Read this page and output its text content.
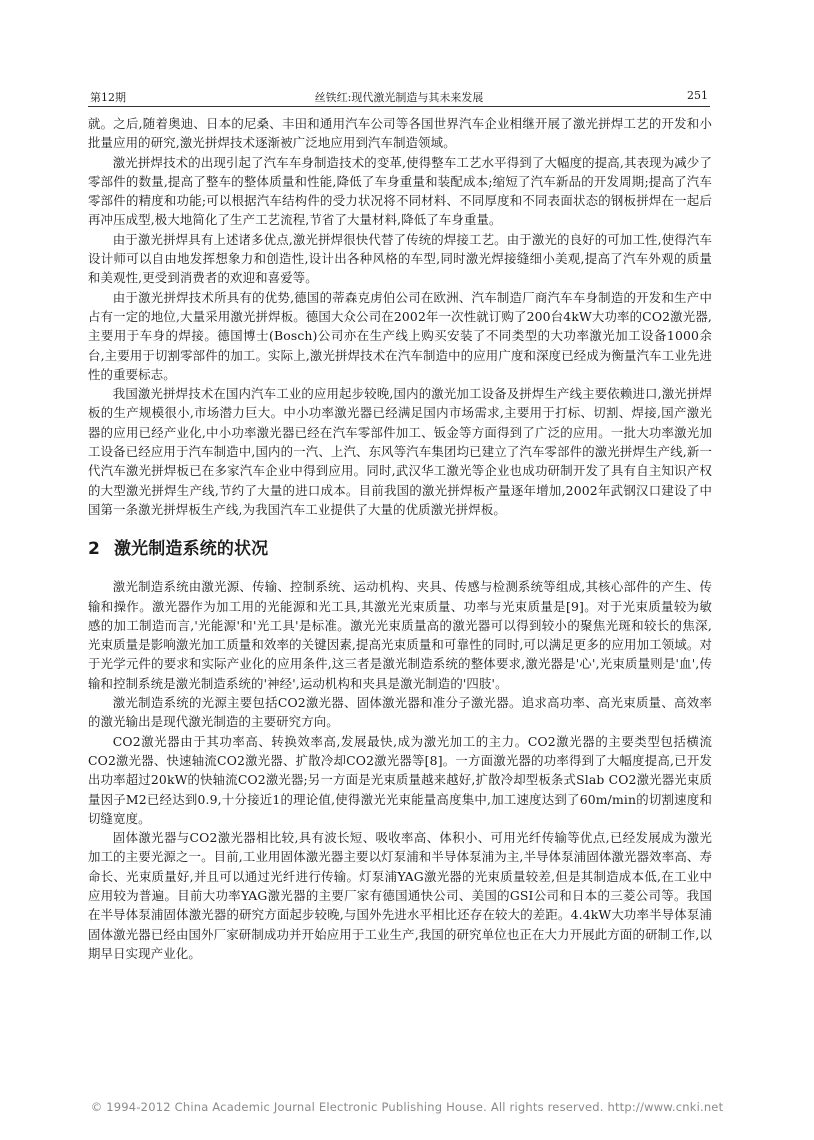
第12期	丝铁红:现代激光制造与其未来发展	251

就。之后,随着奥迪、日本的尼桑、丰田和通用汽车公司等各国世界汽车企业相继开展了激光拼焊工艺的开发和小批量应用的研究,激光拼焊技术逐渐被广泛地应用到汽车制造领域。

激光拼焊技术的出现引起了汽车车身制造技术的变革,使得整车工艺水平得到了大幅度的提高,其表现为减少了零部件的数量,提高了整车的整体质量和性能,降低了车身重量和装配成本;缩短了汽车新品的开发周期;提高了汽车零部件的精度和功能;可以根据汽车结构件的受力状况将不同材料、不同厚度和不同表面状态的钢板拼焊在一起后再冲压成型,极大地简化了生产工艺流程,节省了大量材料,降低了车身重量。

由于激光拼焊具有上述诸多优点,激光拼焊很快代替了传统的焊接工艺。由于激光的良好的可加工性,使得汽车设计师可以自由地发挥想象力和创造性,设计出各种风格的车型,同时激光焊接缝细小美观,提高了汽车外观的质量和美观性,更受到消费者的欢迎和喜爱等。

由于激光拼焊技术所具有的优势,德国的蒂森克虏伯公司在欧洲、汽车制造厂商汽车车身制造的开发和生产中占有一定的地位,大量采用激光拼焊板。德国大众公司在2002年一次性就订购了200台4kW大功率的CO2激光器,主要用于车身的焊接。德国博士(Bosch)公司亦在生产线上购买安装了不同类型的大功率激光加工设备1000余台,主要用于切割零部件的加工。实际上,激光拼焊技术在汽车制造中的应用广度和深度已经成为衡量汽车工业先进性的重要标志。

我国激光拼焊技术在国内汽车工业的应用起步较晚,国内的激光加工设备及拼焊生产线主要依赖进口,激光拼焊板的生产规模很小,市场潜力巨大。中小功率激光器已经满足国内市场需求,主要用于打标、切割、焊接,国产激光器的应用已经产业化,中小功率激光器已经在汽车零部件加工、钣金等方面得到了广泛的应用。一批大功率激光加工设备已经应用于汽车制造中,国内的一汽、上汽、东风等汽车集团均已建立了汽车零部件的激光拼焊生产线,新一代汽车激光拼焊板已在多家汽车企业中得到应用。同时,武汉华工激光等企业也成功研制开发了具有自主知识产权的大型激光拼焊生产线,节约了大量的进口成本。目前我国的激光拼焊板产量逐年增加,2002年武钢汉口建设了中国第一条激光拼焊板生产线,为我国汽车工业提供了大量的优质激光拼焊板。

2 激光制造系统的状况

激光制造系统由激光源、传输、控制系统、运动机构、夹具、传感与检测系统等组成,其核心部件的产生、传输和操作。激光器作为加工用的光能源和光工具,其激光光束质量、功率与光束质量是[9]。对于光束质量较为敏感的加工制造而言,'光能源'和'光工具'是标准。激光光束质量高的激光器可以得到较小的聚焦光斑和较长的焦深,光束质量是影响激光加工质量和效率的关键因素,提高光束质量和可靠性的同时,可以满足更多的应用加工领域。对于光学元件的要求和实际产业化的应用条件,这三者是激光制造系统的整体要求,激光器是'心',光束质量则是'血',传输和控制系统是激光制造系统的'神经',运动机构和夹具是激光制造的'四肢'。

激光制造系统的光源主要包括CO2激光器、固体激光器和准分子激光器。追求高功率、高光束质量、高效率的激光输出是现代激光制造的主要研究方向。

CO2激光器由于其功率高、转换效率高,发展最快,成为激光加工的主力。CO2激光器的主要类型包括横流CO2激光器、快速轴流CO2激光器、扩散冷却CO2激光器等[8]。一方面激光器的功率得到了大幅度提高,已开发出功率超过20kW的快轴流CO2激光器;另一方面是光束质量越来越好,扩散冷却型板条式Slab CO2激光器光束质量因子M2已经达到0.9,十分接近1的理论值,使得激光光束能量高度集中,加工速度达到了60m/min的切割速度和切缝宽度。

固体激光器与CO2激光器相比较,具有波长短、吸收率高、体积小、可用光纤传输等优点,已经发展成为激光加工的主要光源之一。目前,工业用固体激光器主要以灯泵浦和半导体泵浦为主,半导体泵浦固体激光器效率高、寿命长、光束质量好,并且可以通过光纤进行传输。灯泵浦YAG激光器的光束质量较差,但是其制造成本低,在工业中应用较为普遍。目前大功率YAG激光器的主要厂家有德国通快公司、美国的GSI公司和日本的三菱公司等。我国在半导体泵浦固体激光器的研究方面起步较晚,与国外先进水平相比还存在较大的差距。4.4kW大功率半导体泵浦固体激光器已经由国外厂家研制成功并开始应用于工业生产,我国的研究单位也正在大力开展此方面的研制工作,以期早日实现产业化。

© 1994-2012 China Academic Journal Electronic Publishing House. All rights reserved. http://www.cnki.net
